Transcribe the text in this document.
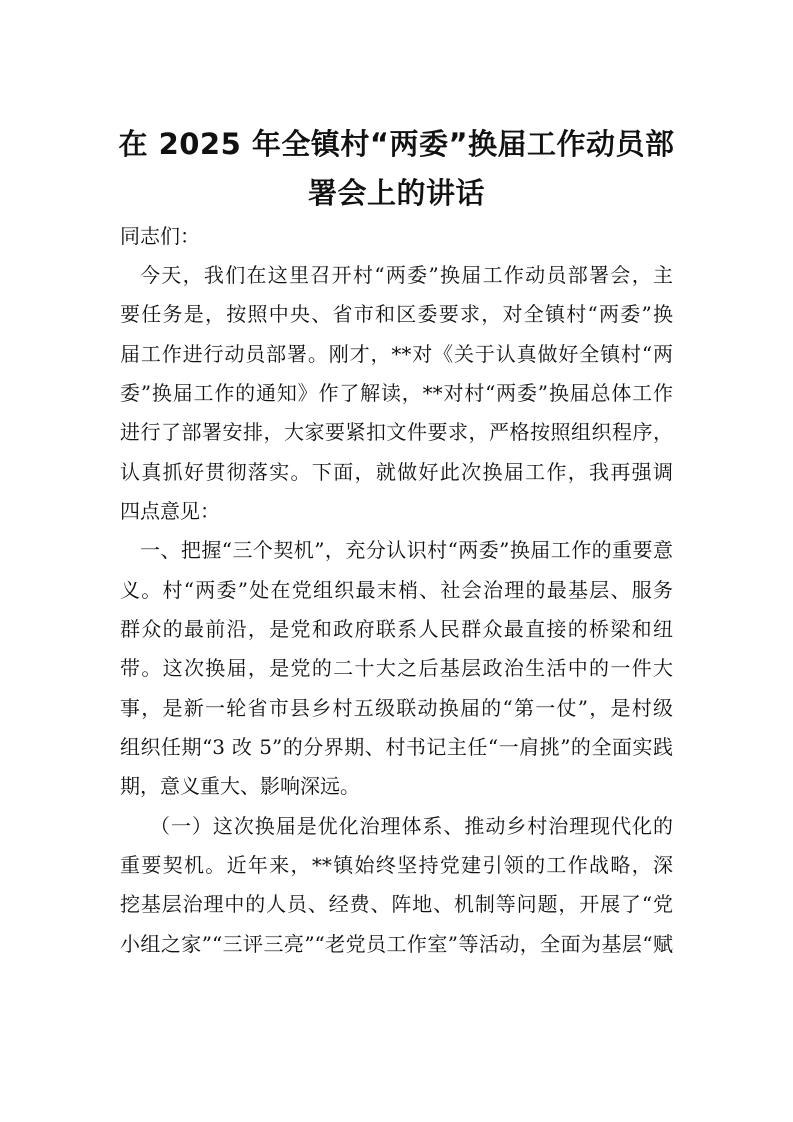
在 2025 年全镇村“两委”换届工作动员部
署会上的讲话
同志们：
今天，我们在这里召开村“两委”换届工作动员部署会，主
要任务是，按照中央、省市和区委要求，对全镇村“两委”换
届工作进行动员部署。刚才，**对《关于认真做好全镇村“两
委”换届工作的通知》作了解读，**对村“两委”换届总体工作
进行了部署安排，大家要紧扣文件要求，严格按照组织程序，
认真抓好贯彻落实。下面，就做好此次换届工作，我再强调
四点意见：
一、把握“三个契机”，充分认识村“两委”换届工作的重要意
义。村“两委”处在党组织最末梢、社会治理的最基层、服务
群众的最前沿，是党和政府联系人民群众最直接的桥梁和纽
带。这次换届，是党的二十大之后基层政治生活中的一件大
事，是新一轮省市县乡村五级联动换届的“第一仗”，是村级
组织任期“3 改 5”的分界期、村书记主任“一肩挑”的全面实践
期，意义重大、影响深远。
（一）这次换届是优化治理体系、推动乡村治理现代化的
重要契机。近年来，**镇始终坚持党建引领的工作战略，深
挖基层治理中的人员、经费、阵地、机制等问题，开展了“党
小组之家”“三评三亮”“老党员工作室”等活动，全面为基层“赋
